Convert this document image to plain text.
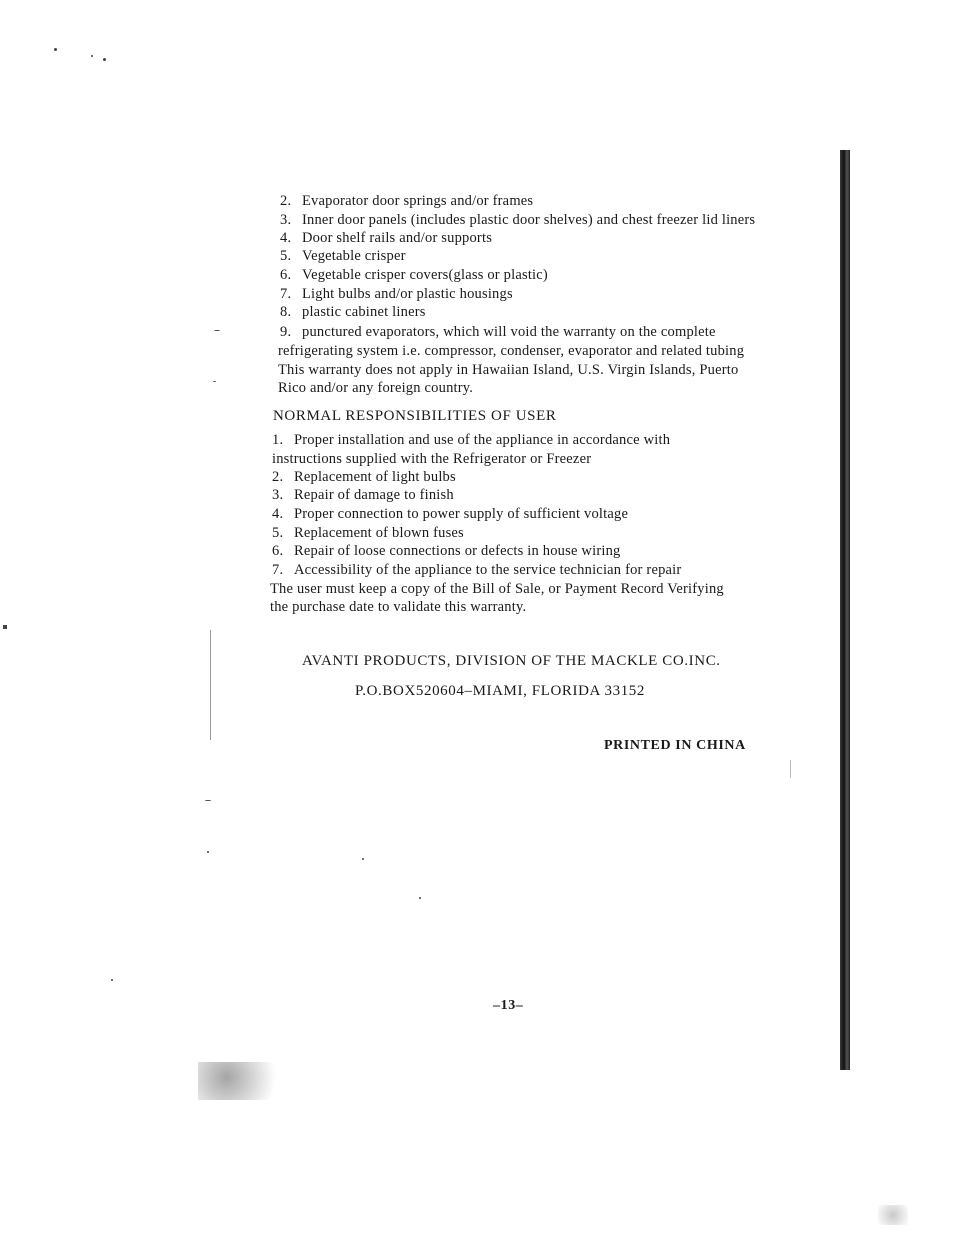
2. Evaporator door springs and/or frames
3. Inner door panels (includes plastic door shelves) and chest freezer lid liners
4. Door shelf rails and/or supports
5. Vegetable crisper
6. Vegetable crisper covers(glass or plastic)
7. Light bulbs and/or plastic housings
8. plastic cabinet liners
9. punctured evaporators, which will void the warranty on the complete
refrigerating system i.e. compressor, condenser, evaporator and related tubing
This warranty does not apply in Hawaiian Island, U.S. Virgin Islands, Puerto
Rico and/or any foreign country.
NORMAL RESPONSIBILITIES OF USER
1. Proper installation and use of the appliance in accordance with
instructions supplied with the Refrigerator or Freezer
2. Replacement of light bulbs
3. Repair of damage to finish
4. Proper connection to power supply of sufficient voltage
5. Replacement of blown fuses
6. Repair of loose connections or defects in house wiring
7. Accessibility of the appliance to the service technician for repair
The user must keep a copy of the Bill of Sale, or Payment Record Verifying
the purchase date to validate this warranty.
AVANTI PRODUCTS, DIVISION OF THE MACKLE CO.INC.
P.O.BOX520604–MIAMI, FLORIDA 33152
PRINTED IN CHINA
–13–
